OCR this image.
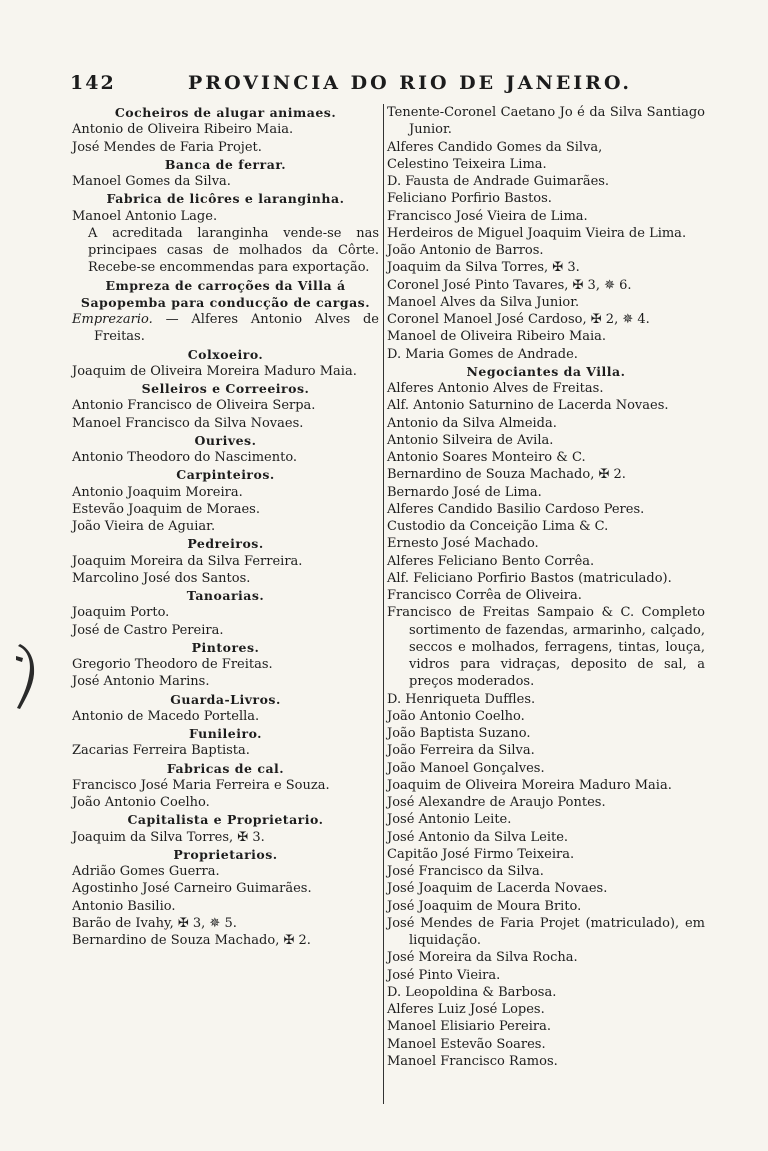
142	PROVINCIA DO RIO DE JANEIRO.
Cocheiros de alugar animaes.
Antonio de Oliveira Ribeiro Maia.
José Mendes de Faria Projet.
Banca de ferrar.
Manoel Gomes da Silva.
Fabrica de licôres e laranginha.
Manoel Antonio Lage.
A acreditada laranginha vende-se nas principaes casas de molhados da Côrte. Recebe-se encommendas para exportação.
Empreza de carroções da Villa á Sapopemba para conducção de cargas.
Emprezario. — Alferes Antonio Alves de Freitas.
Colxoeiro.
Joaquim de Oliveira Moreira Maduro Maia.
Selleiros e Correeiros.
Antonio Francisco de Oliveira Serpa.
Manoel Francisco da Silva Novaes.
Ourives.
Antonio Theodoro do Nascimento.
Carpinteiros.
Antonio Joaquim Moreira.
Estevão Joaquim de Moraes.
João Vieira de Aguiar.
Pedreiros.
Joaquim Moreira da Silva Ferreira.
Marcolino José dos Santos.
Tanoarias.
Joaquim Porto.
José de Castro Pereira.
Pintores.
Gregorio Theodoro de Freitas.
José Antonio Marins.
Guarda-Livros.
Antonio de Macedo Portella.
Funileiro.
Zacarias Ferreira Baptista.
Fabricas de cal.
Francisco José Maria Ferreira e Souza.
João Antonio Coelho.
Capitalista e Proprietario.
Joaquim da Silva Torres, ✠ 3.
Proprietarios.
Adrião Gomes Guerra.
Agostinho José Carneiro Guimarães.
Antonio Basilio.
Barão de Ivahy, ✠ 3, ✵ 5.
Bernardino de Souza Machado, ✠ 2.
Tenente-Coronel Caetano Jo é da Silva Santiago Junior.
Alferes Candido Gomes da Silva,
Celestino Teixeira Lima.
D. Fausta de Andrade Guimarães.
Feliciano Porfirio Bastos.
Francisco José Vieira de Lima.
Herdeiros de Miguel Joaquim Vieira de Lima.
João Antonio de Barros.
Joaquim da Silva Torres, ✠ 3.
Coronel José Pinto Tavares, ✠ 3, ✵ 6.
Manoel Alves da Silva Junior.
Coronel Manoel José Cardoso, ✠ 2, ✵ 4.
Manoel de Oliveira Ribeiro Maia.
D. Maria Gomes de Andrade.
Negociantes da Villa.
Alferes Antonio Alves de Freitas.
Alf. Antonio Saturnino de Lacerda Novaes.
Antonio da Silva Almeida.
Antonio Silveira de Avila.
Antonio Soares Monteiro & C.
Bernardino de Souza Machado, ✠ 2.
Bernardo José de Lima.
Alferes Candido Basilio Cardoso Peres.
Custodio da Conceição Lima & C.
Ernesto José Machado.
Alferes Feliciano Bento Corrêa.
Alf. Feliciano Porfirio Bastos (matriculado).
Francisco Corrêa de Oliveira.
Francisco de Freitas Sampaio & C. Completo sortimento de fazendas, armarinho, calçado, seccos e molhados, ferragens, tintas, louça, vidros para vidraças, deposito de sal, a preços moderados.
D. Henriqueta Duffles.
João Antonio Coelho.
João Baptista Suzano.
João Ferreira da Silva.
João Manoel Gonçalves.
Joaquim de Oliveira Moreira Maduro Maia.
José Alexandre de Araujo Pontes.
José Antonio Leite.
José Antonio da Silva Leite.
Capitão José Firmo Teixeira.
José Francisco da Silva.
José Joaquim de Lacerda Novaes.
José Joaquim de Moura Brito.
José Mendes de Faria Projet (matriculado), em liquidação.
José Moreira da Silva Rocha.
José Pinto Vieira.
D. Leopoldina & Barbosa.
Alferes Luiz José Lopes.
Manoel Elisiario Pereira.
Manoel Estevão Soares.
Manoel Francisco Ramos.
